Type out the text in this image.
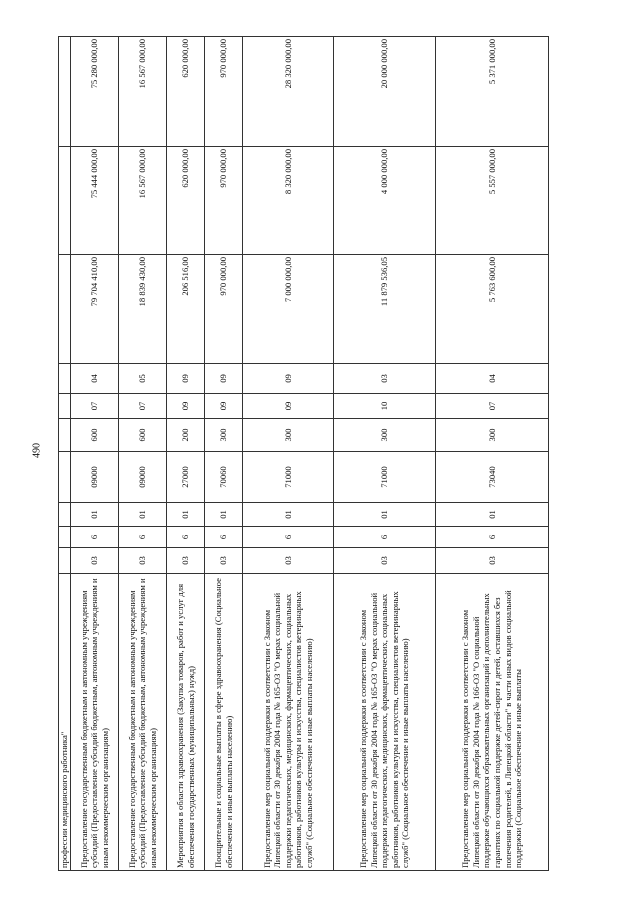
490
профессии медицинского работника"										
Предоставление государственным бюджетным и автономным учреждениям субсидий (Предоставление субсидий бюджетным, автономным учреждениям и иным некоммерческим организациям)	03	6	01	09000	600	07	04	79 704 410,00	75 444 000,00	75 280 000,00
Предоставление государственным бюджетным и автономным учреждениям субсидий (Предоставление субсидий бюджетным, автономным учреждениям и иным некоммерческим организациям)	03	6	01	09000	600	07	05	18 839 430,00	16 567 000,00	16 567 000,00
Мероприятия в области здравоохранения (Закупка товаров, работ и услуг для обеспечения государственных (муниципальных) нужд)	03	6	01	27000	200	09	09	206 516,00	620 000,00	620 000,00
Поощрительные и социальные выплаты в сфере здравоохранения (Социальное обеспечение и иные выплаты населению)	03	6	01	70060	300	09	09	970 000,00	970 000,00	970 000,00
Предоставление мер социальной поддержки в соответствии с Законом Липецкой области от 30 декабря 2004 года № 165-ОЗ "О мерах социальной поддержки педагогических, медицинских, фармацевтических, социальных работников, работников культуры и искусства, специалистов ветеринарных служб" (Социальное обеспечение и иные выплаты населению)	03	6	01	71000	300	09	09	7 000 000,00	8 320 000,00	28 320 000,00
Предоставление мер социальной поддержки в соответствии с Законом Липецкой области от 30 декабря 2004 года № 165-ОЗ "О мерах социальной поддержки педагогических, медицинских, фармацевтических, социальных работников, работников культуры и искусства, специалистов ветеринарных служб" (Социальное обеспечение и иные выплаты населению)	03	6	01	71000	300	10	03	11 879 536,05	4 000 000,00	20 000 000,00
Предоставление мер социальной поддержки в соответствии с Законом Липецкой области от 30 декабря 2004 года № 166-ОЗ "О социальной поддержке обучающихся образовательных организаций и дополнительных гарантиях по социальной поддержке детей-сирот и детей, оставшихся без попечения родителей, в Липецкой области" в части иных видов социальной поддержки (Социальное обеспечение и иные выплаты	03	6	01	73040	300	07	04	5 763 600,00	5 557 000,00	5 371 000,00
